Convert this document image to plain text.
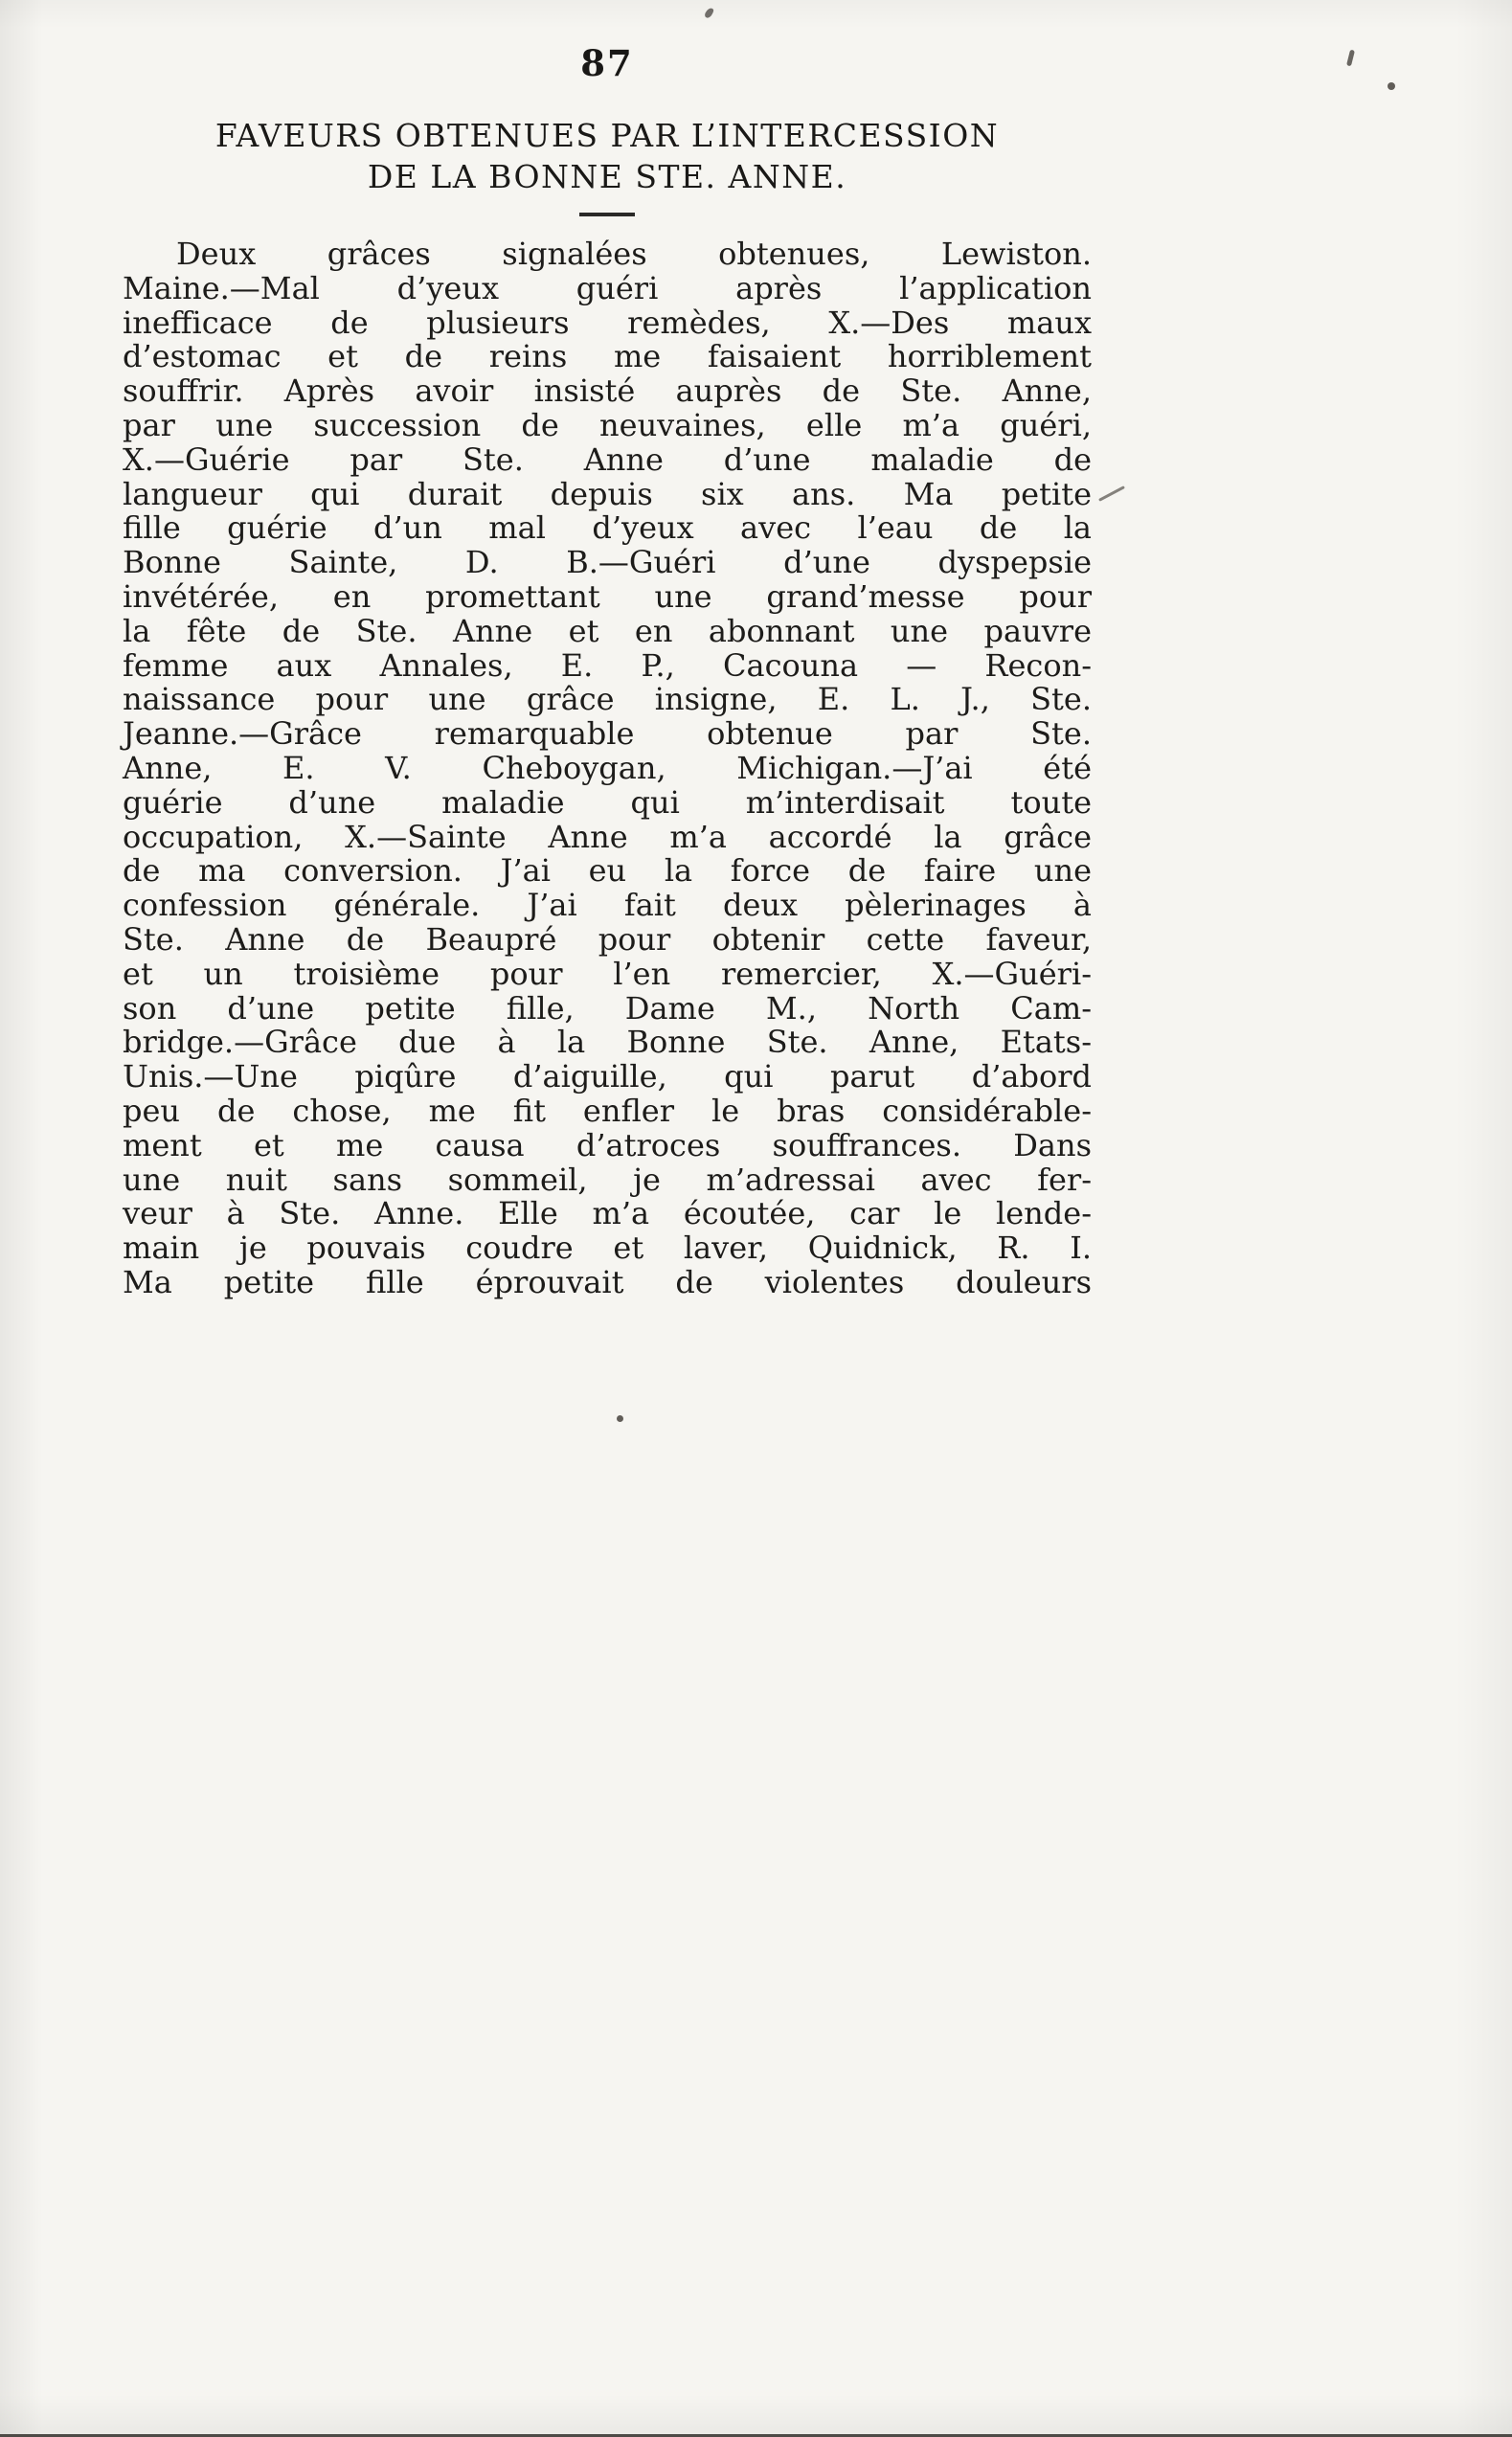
87
FAVEURS OBTENUES PAR L’INTERCESSION
DE LA BONNE STE. ANNE.
Deux grâces signalées obtenues, Lewiston.
Maine.—Mal d’yeux guéri après l’application
inefficace de plusieurs remèdes, X.—Des maux
d’estomac et de reins me faisaient horriblement
souffrir. Après avoir insisté auprès de Ste. Anne,
par une succession de neuvaines, elle m’a guéri,
X.—Guérie par Ste. Anne d’une maladie de
langueur qui durait depuis six ans. Ma petite
fille guérie d’un mal d’yeux avec l’eau de la
Bonne Sainte, D. B.—Guéri d’une dyspepsie
invétérée, en promettant une grand’messe pour
la fête de Ste. Anne et en abonnant une pauvre
femme aux Annales, E. P., Cacouna — Recon-
naissance pour une grâce insigne, E. L. J., Ste.
Jeanne.—Grâce remarquable obtenue par Ste.
Anne, E. V. Cheboygan, Michigan.—J’ai été
guérie d’une maladie qui m’interdisait toute
occupation, X.—Sainte Anne m’a accordé la grâce
de ma conversion. J’ai eu la force de faire une
confession générale. J’ai fait deux pèlerinages à
Ste. Anne de Beaupré pour obtenir cette faveur,
et un troisième pour l’en remercier, X.—Guéri-
son d’une petite fille, Dame M., North Cam-
bridge.—Grâce due à la Bonne Ste. Anne, Etats-
Unis.—Une piqûre d’aiguille, qui parut d’abord
peu de chose, me fit enfler le bras considérable-
ment et me causa d’atroces souffrances. Dans
une nuit sans sommeil, je m’adressai avec fer-
veur à Ste. Anne. Elle m’a écoutée, car le lende-
main je pouvais coudre et laver, Quidnick, R. I.
Ma petite fille éprouvait de violentes douleurs
